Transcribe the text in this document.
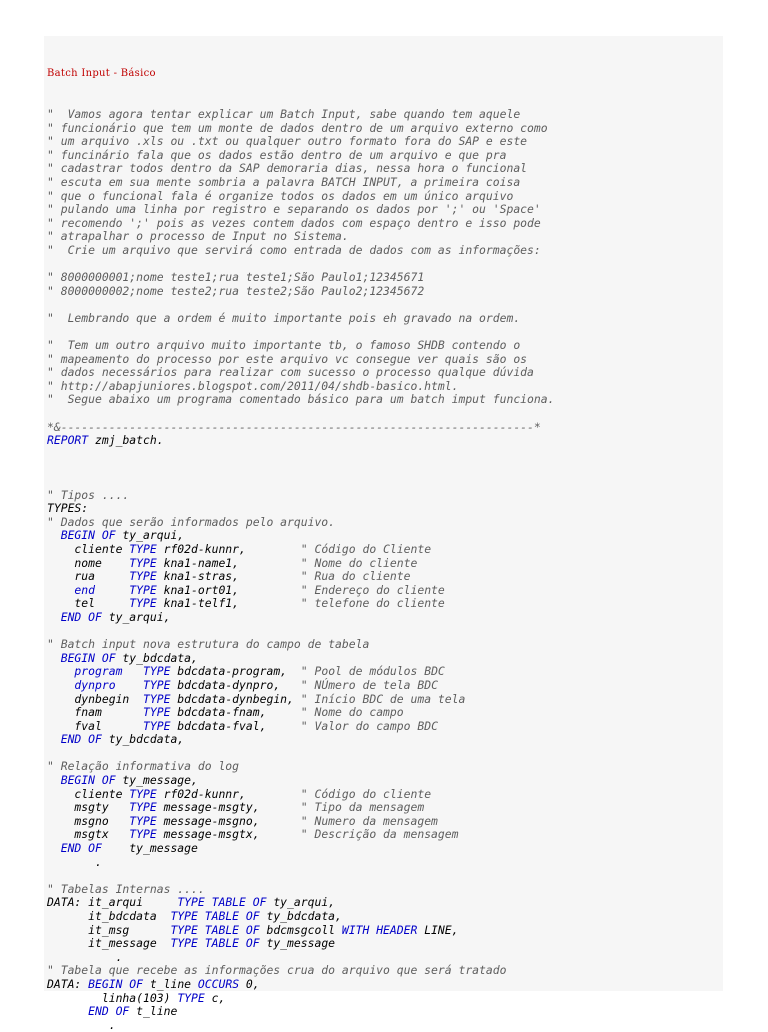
Batch Input - Básico

"  Vamos agora tentar explicar um Batch Input, sabe quando tem aquele
" funcionário que tem um monte de dados dentro de um arquivo externo como
" um arquivo .xls ou .txt ou qualquer outro formato fora do SAP e este
" funcinário fala que os dados estão dentro de um arquivo e que pra
" cadastrar todos dentro da SAP demoraria dias, nessa hora o funcional
" escuta em sua mente sombria a palavra BATCH INPUT, a primeira coisa
" que o funcional fala é organize todos os dados em um único arquivo
" pulando uma linha por registro e separando os dados por ';' ou 'Space'
" recomendo ';' pois as vezes contem dados com espaço dentro e isso pode
" atrapalhar o processo de Input no Sistema.
"  Crie um arquivo que servirá como entrada de dados com as informações:
" 8000000001;nome teste1;rua teste1;São Paulo1;12345671
" 8000000002;nome teste2;rua teste2;São Paulo2;12345672
"  Lembrando que a ordem é muito importante pois eh gravado na ordem.
"  Tem um outro arquivo muito importante tb, o famoso SHDB contendo o
" mapeamento do processo por este arquivo vc consegue ver quais são os
" dados necessários para realizar com sucesso o processo qualque dúvida
" http://abapjuniores.blogspot.com/2011/04/shdb-basico.html.
"  Segue abaixo um programa comentado básico para um batch imput funciona.
*&---------------------------------------------------------------------*
REPORT zmj_batch.
" Tipos ....
TYPES:
" Dados que serão informados pelo arquivo.
BEGIN OF ty_arqui,
cliente TYPE rf02d-kunnr,        " Código do Cliente
nome    TYPE kna1-name1,         " Nome do cliente
rua     TYPE kna1-stras,         " Rua do cliente
end     TYPE kna1-ort01,         " Endereço do cliente
tel     TYPE kna1-telf1,         " telefone do cliente
END OF ty_arqui,
" Batch input nova estrutura do campo de tabela
BEGIN OF ty_bdcdata,
program   TYPE bdcdata-program,  " Pool de módulos BDC
dynpro    TYPE bdcdata-dynpro,   " NÚmero de tela BDC
dynbegin  TYPE bdcdata-dynbegin, " Início BDC de uma tela
fnam      TYPE bdcdata-fnam,     " Nome do campo
fval      TYPE bdcdata-fval,     " Valor do campo BDC
END OF ty_bdcdata,
" Relação informativa do log
BEGIN OF ty_message,
cliente TYPE rf02d-kunnr,        " Código do cliente
msgty   TYPE message-msgty,      " Tipo da mensagem
msgno   TYPE message-msgno,      " Numero da mensagem
msgtx   TYPE message-msgtx,      " Descrição da mensagem
END OF    ty_message
.
" Tabelas Internas ....
DATA: it_arqui     TYPE TABLE OF ty_arqui,
it_bdcdata  TYPE TABLE OF ty_bdcdata,
it_msg      TYPE TABLE OF bdcmsgcoll WITH HEADER LINE,
it_message  TYPE TABLE OF ty_message
.
" Tabela que recebe as informações crua do arquivo que será tratado
DATA: BEGIN OF t_line OCCURS 0,
linha(103) TYPE c,
END OF t_line
.
